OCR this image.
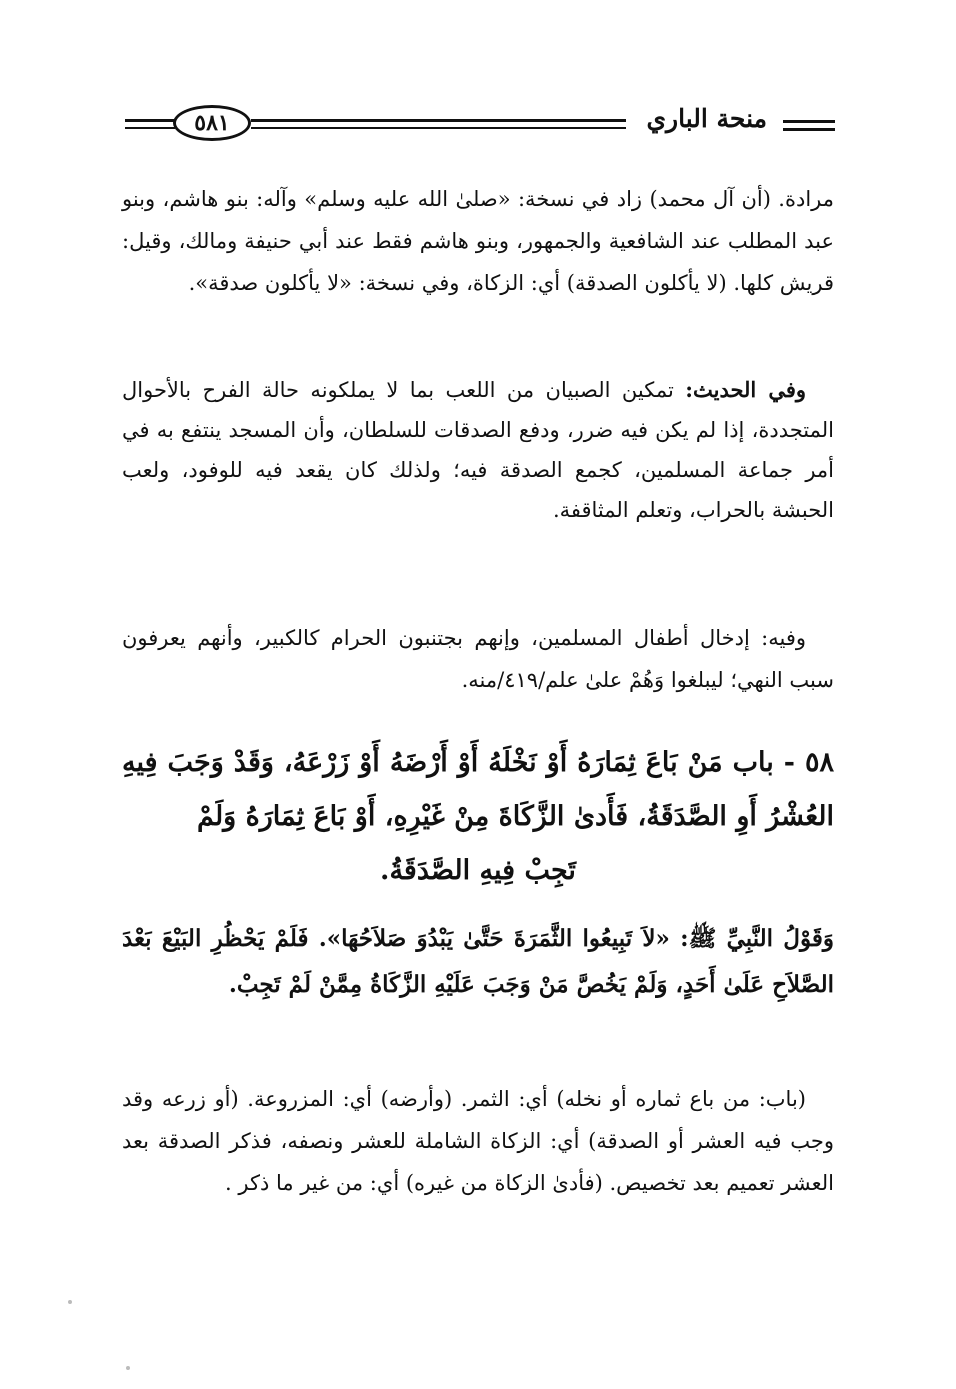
منحة الباري
٥٨١

مرادة. (أن آل محمد) زاد في نسخة: «صلىٰ الله عليه وسلم» وآله: بنو هاشم، وبنو عبد المطلب عند الشافعية والجمهور، وبنو هاشم فقط عند أبي حنيفة ومالك، وقيل: قريش كلها. (لا يأكلون الصدقة) أي: الزكاة، وفي نسخة: «لا يأكلون صدقة».

وفي الحديث: تمكين الصبيان من اللعب بما لا يملكونه حالة الفرح بالأحوال المتجددة، إذا لم يكن فيه ضرر، ودفع الصدقات للسلطان، وأن المسجد ينتفع به في أمر جماعة المسلمين، كجمع الصدقة فيه؛ ولذلك كان يقعد فيه للوفود، ولعب الحبشة بالحراب، وتعلم المثاقفة.

وفيه: إدخال أطفال المسلمين، وإنهم بجتنبون الحرام كالكبير، وأنهم يعرفون سبب النهي؛ ليبلغوا وَهُمْ علىٰ علم/٤١٩/منه.

٥٨ - باب مَنْ بَاعَ ثِمَارَهُ أَوْ نَخْلَهُ أَوْ أَرْضَهُ أَوْ زَرْعَهُ، وَقَدْ وَجَبَ فِيهِ العُشْرُ أَوِ الصَّدَقَةُ، فَأَدىٰ الزَّكَاةَ مِنْ غَيْرِهِ، أَوْ بَاعَ ثِمَارَهُ وَلَمْ
تَجِبْ فِيهِ الصَّدَقَةُ.

وَقَوْلُ النَّبِيِّ ﷺ: «لاَ تَبِيعُوا الثَّمَرَةَ حَتَّىٰ يَبْدُوَ صَلاَحُهَا». فَلَمْ يَحْظُرِ البَيْعَ بَعْدَ الصَّلاَحِ عَلَىٰ أَحَدٍ، وَلَمْ يَخُصَّ مَنْ وَجَبَ عَلَيْهِ الزَّكَاةُ مِمَّنْ لَمْ تَجِبْ.

(باب: من باع ثماره أو نخله) أي: الثمر. (وأرضه) أي: المزروعة. (أو زرعه وقد وجب فيه العشر أو الصدقة) أي: الزكاة الشاملة للعشر ونصفه، فذكر الصدقة بعد العشر تعميم بعد تخصيص. (فأدىٰ الزكاة من غيره) أي: من غير ما ذكر .
